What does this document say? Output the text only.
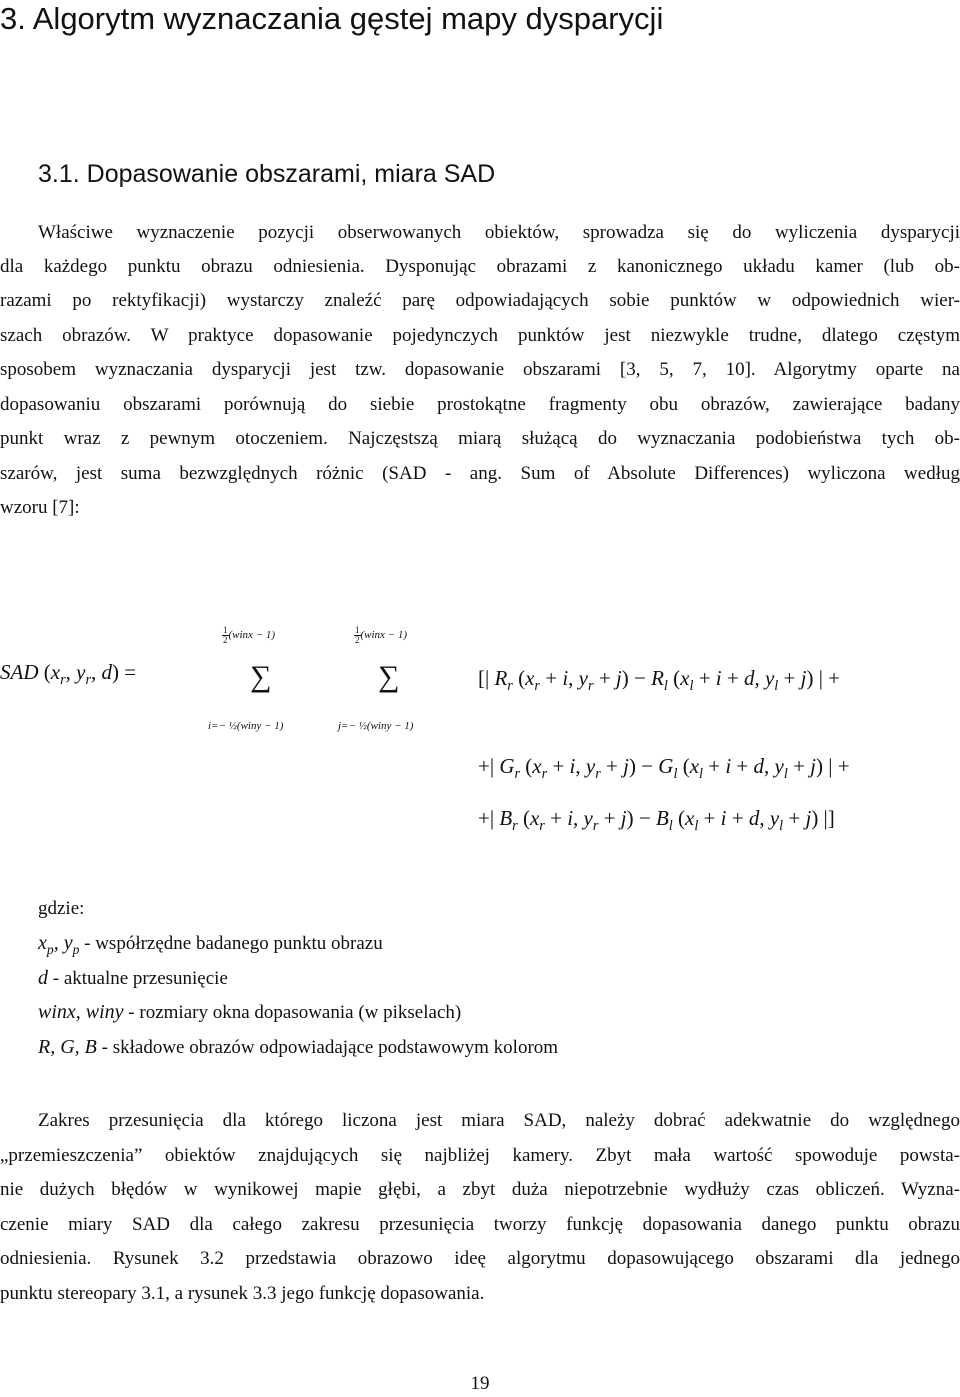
3. Algorytm wyznaczania gęstej mapy dysparycji
3.1. Dopasowanie obszarami, miara SAD
Właściwe wyznaczenie pozycji obserwowanych obiektów, sprowadza się do wyliczenia dysparycji
dla każdego punktu obrazu odniesienia. Dysponując obrazami z kanonicznego układu kamer (lub ob-
razami po rektyfikacji) wystarczy znaleźć parę odpowiadających sobie punktów w odpowiednich wier-
szach obrazów. W praktyce dopasowanie pojedynczych punktów jest niezwykle trudne, dlatego częstym
sposobem wyznaczania dysparycji jest tzw. dopasowanie obszarami [3, 5, 7, 10]. Algorytmy oparte na
dopasowaniu obszarami porównują do siebie prostokątne fragmenty obu obrazów, zawierające badany
punkt wraz z pewnym otoczeniem. Najczęstszą miarą służącą do wyznaczania podobieństwa tych ob-
szarów, jest suma bezwzględnych różnic (SAD - ang. Sum of Absolute Differences) wyliczona według
wzoru [7]:
SAD ($x_r$, $y_r$, d) =
$\frac{1}{2}$ (winx − 1)	$\frac{1}{2}$ (winx − 1)
∑	∑
i=− ½(winy − 1)	j=− ½(winy − 1)
[| $R_r$ ($x_r + i$, $y_r + j) - R_l$ ($x_l + i + d$, $y_l + j$) | +
+| $G_r$ ($x_r + i$, $y_r + j) - G_l$ ($x_l + i + d$, $y_l + j$) | +
+| $B_r$ ($x_r + i$, $y_r + j) - B_l$ ($x_l + i + d$, $y_l + j$) |]
gdzie:
$x_p$, $y_p$ - współrzędne badanego punktu obrazu
d - aktualne przesunięcie
winx, winy - rozmiary okna dopasowania (w pikselach)
R, G, B - składowe obrazów odpowiadające podstawowym kolorom
Zakres przesunięcia dla którego liczona jest miara SAD, należy dobrać adekwatnie do względnego
„przemieszczenia” obiektów znajdujących się najbliżej kamery. Zbyt mała wartość spowoduje powsta-
nie dużych błędów w wynikowej mapie głębi, a zbyt duża niepotrzebnie wydłuży czas obliczeń. Wyzna-
czenie miary SAD dla całego zakresu przesunięcia tworzy funkcję dopasowania danego punktu obrazu
odniesienia. Rysunek 3.2 przedstawia obrazowo ideę algorytmu dopasowującego obszarami dla jednego
punktu stereopary 3.1, a rysunek 3.3 jego funkcję dopasowania.
19
